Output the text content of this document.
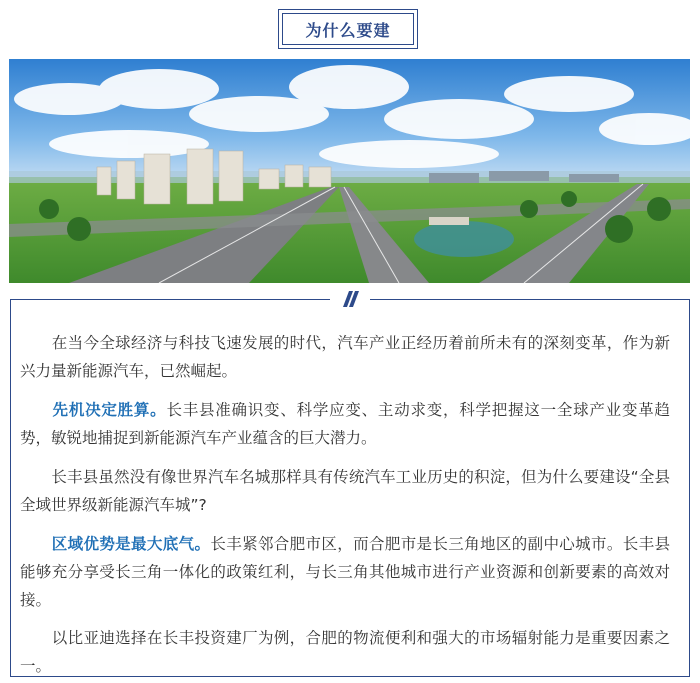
为什么要建

　　在当今全球经济与科技飞速发展的时代，汽车产业正经历着前所未有的深刻变革，作为新兴力量新能源汽车，已然崛起。

　　先机决定胜算。长丰县准确识变、科学应变、主动求变，科学把握这一全球产业变革趋势，敏锐地捕捉到新能源汽车产业蕴含的巨大潜力。

　　长丰县虽然没有像世界汽车名城那样具有传统汽车工业历史的积淀，但为什么要建设“全县全域世界级新能源汽车城”?

　　区域优势是最大底气。长丰紧邻合肥市区，而合肥市是长三角地区的副中心城市。长丰县能够充分享受长三角一体化的政策红利，与长三角其他城市进行产业资源和创新要素的高效对接。

　　以比亚迪选择在长丰投资建厂为例，合肥的物流便利和强大的市场辐射能力是重要因素之一。
